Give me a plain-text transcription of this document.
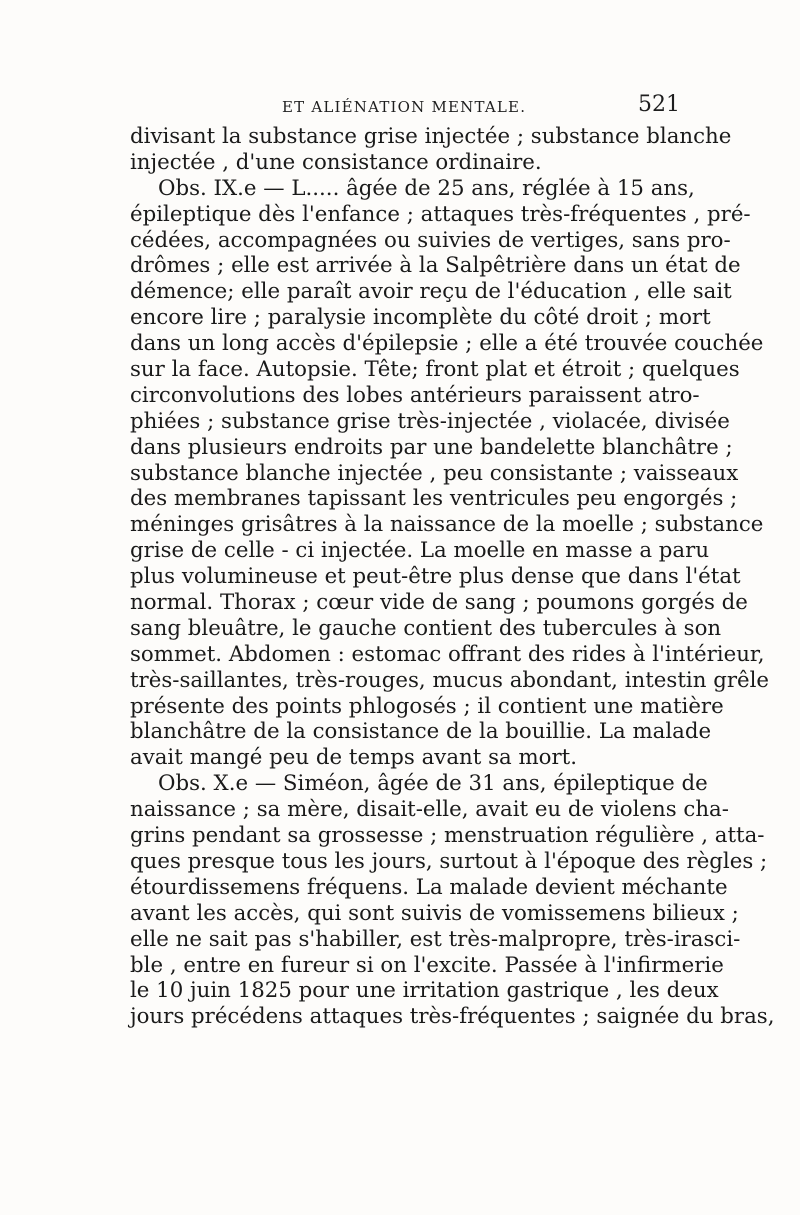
ET ALIÉNATION MENTALE.	521
divisant la substance grise injectée ; substance blanche
injectée , d'une consistance ordinaire.
Obs. IX.e — L..... âgée de 25 ans, réglée à 15 ans,
épileptique dès l'enfance ; attaques très-fréquentes , pré-
cédées, accompagnées ou suivies de vertiges, sans pro-
drômes ; elle est arrivée à la Salpêtrière dans un état de
démence; elle paraît avoir reçu de l'éducation , elle sait
encore lire ; paralysie incomplète du côté droit ; mort
dans un long accès d'épilepsie ; elle a été trouvée couchée
sur la face. Autopsie. Tête; front plat et étroit ; quelques
circonvolutions des lobes antérieurs paraissent atro-
phiées ; substance grise très-injectée , violacée, divisée
dans plusieurs endroits par une bandelette blanchâtre ;
substance blanche injectée , peu consistante ; vaisseaux
des membranes tapissant les ventricules peu engorgés ;
méninges grisâtres à la naissance de la moelle ; substance
grise de celle - ci injectée. La moelle en masse a paru
plus volumineuse et peut-être plus dense que dans l'état
normal. Thorax ; cœur vide de sang ; poumons gorgés de
sang bleuâtre, le gauche contient des tubercules à son
sommet. Abdomen : estomac offrant des rides à l'intérieur,
très-saillantes, très-rouges, mucus abondant, intestin grêle
présente des points phlogosés ; il contient une matière
blanchâtre de la consistance de la bouillie. La malade
avait mangé peu de temps avant sa mort.
Obs. X.e — Siméon, âgée de 31 ans, épileptique de
naissance ; sa mère, disait-elle, avait eu de violens cha-
grins pendant sa grossesse ; menstruation régulière , atta-
ques presque tous les jours, surtout à l'époque des règles ;
étourdissemens fréquens. La malade devient méchante
avant les accès, qui sont suivis de vomissemens bilieux ;
elle ne sait pas s'habiller, est très-malpropre, très-irasci-
ble , entre en fureur si on l'excite. Passée à l'infirmerie
le 10 juin 1825 pour une irritation gastrique , les deux
jours précédens attaques très-fréquentes ; saignée du bras,
